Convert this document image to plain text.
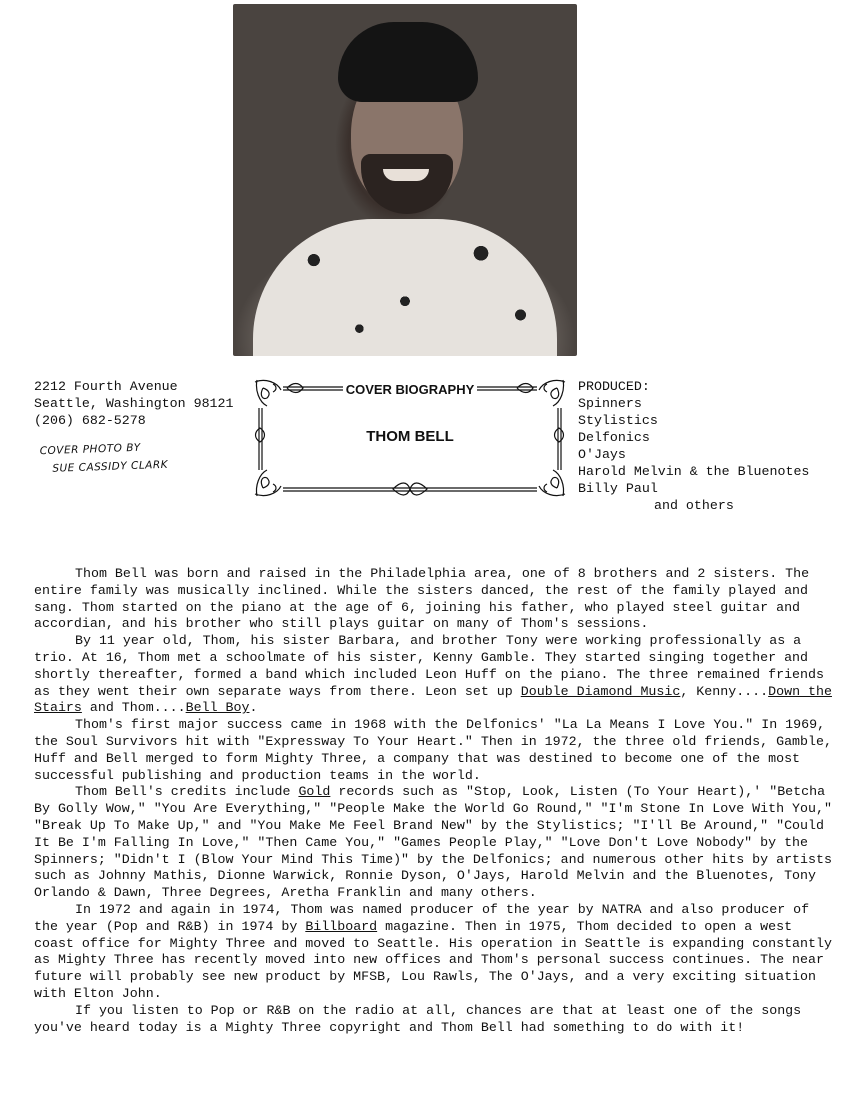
2212 Fourth Avenue
Seattle, Washington 98121
(206) 682-5278
COVER PHOTO BY
SUE CASSIDY CLARK
COVER BIOGRAPHY
THOM BELL
PRODUCED:
Spinners
Stylistics
Delfonics
O'Jays
Harold Melvin & the Bluenotes
Billy Paul
and others

Thom Bell was born and raised in the Philadelphia area, one of 8 brothers and 2 sisters. The entire family was musically inclined. While the sisters danced, the rest of the family played and sang. Thom started on the piano at the age of 6, joining his father, who played steel guitar and accordian, and his brother who still plays guitar on many of Thom's sessions.

By 11 year old, Thom, his sister Barbara, and brother Tony were working professionally as a trio. At 16, Thom met a schoolmate of his sister, Kenny Gamble. They started singing together and shortly thereafter, formed a band which included Leon Huff on the piano. The three remained friends as they went their own separate ways from there. Leon set up Double Diamond Music, Kenny....Down the Stairs and Thom....Bell Boy.

Thom's first major success came in 1968 with the Delfonics' "La La Means I Love You." In 1969, the Soul Survivors hit with "Expressway To Your Heart." Then in 1972, the three old friends, Gamble, Huff and Bell merged to form Mighty Three, a company that was destined to become one of the most successful publishing and production teams in the world.

Thom Bell's credits include Gold records such as "Stop, Look, Listen (To Your Heart),' "Betcha By Golly Wow," "You Are Everything," "People Make the World Go Round," "I'm Stone In Love With You," "Break Up To Make Up," and "You Make Me Feel Brand New" by the Stylistics; "I'll Be Around," "Could It Be I'm Falling In Love," "Then Came You," "Games People Play," "Love Don't Love Nobody" by the Spinners; "Didn't I (Blow Your Mind This Time)" by the Delfonics; and numerous other hits by artists such as Johnny Mathis, Dionne Warwick, Ronnie Dyson, O'Jays, Harold Melvin and the Bluenotes, Tony Orlando & Dawn, Three Degrees, Aretha Franklin and many others.

In 1972 and again in 1974, Thom was named producer of the year by NATRA and also producer of the year (Pop and R&B) in 1974 by Billboard magazine. Then in 1975, Thom decided to open a west coast office for Mighty Three and moved to Seattle. His operation in Seattle is expanding constantly as Mighty Three has recently moved into new offices and Thom's personal success continues. The near future will probably see new product by MFSB, Lou Rawls, The O'Jays, and a very exciting situation with Elton John.

If you listen to Pop or R&B on the radio at all, chances are that at least one of the songs you've heard today is a Mighty Three copyright and Thom Bell had something to do with it!
